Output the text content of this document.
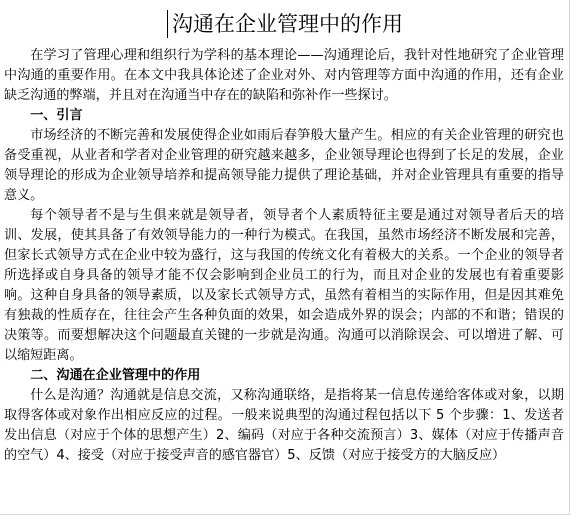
沟通在企业管理中的作用

在学习了管理心理和组织行为学科的基本理论——沟通理论后，我针对性地研究了企业管理中沟通的重要作用。在本文中我具体论述了企业对外、对内管理等方面中沟通的作用，还有企业缺乏沟通的弊端，并且对在沟通当中存在的缺陷和弥补作一些探讨。

一、引言

市场经济的不断完善和发展使得企业如雨后春笋般大量产生。相应的有关企业管理的研究也备受重视，从业者和学者对企业管理的研究越来越多，企业领导理论也得到了长足的发展，企业领导理论的形成为企业领导培养和提高领导能力提供了理论基础，并对企业管理具有重要的指导意义。

每个领导者不是与生俱来就是领导者，领导者个人素质特征主要是通过对领导者后天的培训、发展，使其具备了有效领导能力的一种行为模式。在我国，虽然市场经济不断发展和完善，但家长式领导方式在企业中较为盛行，这与我国的传统文化有着极大的关系。一个企业的领导者所选择或自身具备的领导才能不仅会影响到企业员工的行为，而且对企业的发展也有着重要影响。这种自身具备的领导素质，以及家长式领导方式，虽然有着相当的实际作用，但是因其难免有独裁的性质存在，往往会产生各种负面的效果，如会造成外界的误会；内部的不和谐；错误的决策等。而要想解决这个问题最直关键的一步就是沟通。沟通可以消除误会、可以增进了解、可以缩短距离。

二、沟通在企业管理中的作用

什么是沟通？沟通就是信息交流，又称沟通联络，是指将某一信息传递给客体或对象，以期取得客体或对象作出相应反应的过程。一般来说典型的沟通过程包括以下 5 个步骤：1、发送者发出信息（对应于个体的思想产生）2、编码（对应于各种交流预言）3、媒体（对应于传播声音的空气）4、接受（对应于接受声音的感官器官）5、反馈（对应于接受方的大脑反应）
